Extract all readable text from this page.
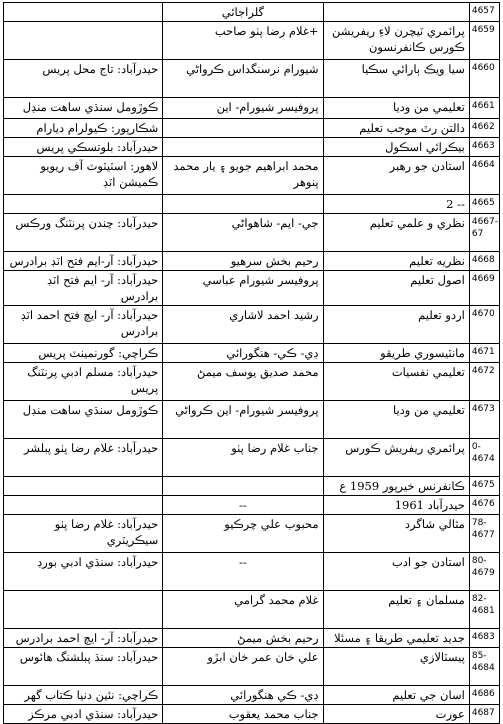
	گلراجائي		4657
	+غلام رضا پٺو صاحب	پرائمري ٽيچرن لاءِ ريفريشن ڪورس ڪانفرنسون	4659
حيدرآباد: تاج محل پريس	شيورام نرسنگداس ڪرواڻي	سيا ويڪ ٻارائي سڪيا	4660
ڪوڙومل سنڌي ساهت منڊل	پروفيسر شيورام- اين	تعليمي من وديا	4661
شڪارپور: ڪيولرام ديارام		دالتن رٿ موجب تعليم	4662
حيدرآباد: بلوتسڪي پريس		بيڪرائي اسڪول	4663
لاهور: اسٽيٽوٽ آف ريويو ڪميشن اٽڊ	محمد ابراهيم جويو ۽ يار محمد پنوهر	استادن جو رهبر	4664
		-- 2	4665
حيدرآباد: چندن پرنٽنگ ورڪس	جي- ايم- شاهواڻي	نظري و علمي تعليم	4667-67
حيدرآباد: آر-ايم فتح اٽڊ برادرس	رحيم بخش سرهيو	نظريه تعليم	4668
حيدرآباد: آر- ايم فتح اٽڊ برادرس	پروفيسر شيورام عباسي	اصول تعليم	4669
حيدرآباد: آر- ايچ فتح احمد اٽڊ برادرس	رشيد احمد لاشاري	اردو تعليم	4670
ڪراچي: گورنمينٽ پريس	ڊي- ڪي- هنگورائي	مانٽيسوري طريقو	4671
حيدرآباد: مسلم ادبي پرنٽنگ پريس	محمد صديق يوسف ميمڻ	تعليمي نفسيات	4672
ڪوڙومل سنڌي ساهت منڊل	پروفيسر شيورام- اين ڪرواڻي	تعليمي من وديا	4673
حيدرآباد: غلام رضا پٺو پبلشر	جناب غلام رضا پٺو	پرائمري ريفريش ڪورس	0-4674
		ڪانفرنس خيرپور 1959 ع	4675
	--	حيدرآباد 1961	4676
حيدرآباد: غلام رضا پٺو سيڪريٽري	محبوب علي چرڪيو	مثالي شاگرد	78-4677
حيدرآباد: سنڌي ادبي بورڊ	--	استادن جو ادب	80-4679
	غلام محمد گرامي	مسلمان ۽ تعليم	82-4681
حيدرآباد: آر- ايچ احمد برادرس	رحيم بخش ميمڻ	جديد تعليمي طريقا ۽ مسئلا	4683
حيدرآباد: سنڌ پبلشنگ هائوس	علي خان عمر خان ابڙو	پيسٽالازي	85-4684
ڪراچي: نئين دنيا ڪتاب گهر	ڊي- ڪي هنگورائي	اسان جي تعليم	4686
حيدرآباد: سنڌي ادبي مرڪز	جناب محمد يعقوب	عورت	4687
